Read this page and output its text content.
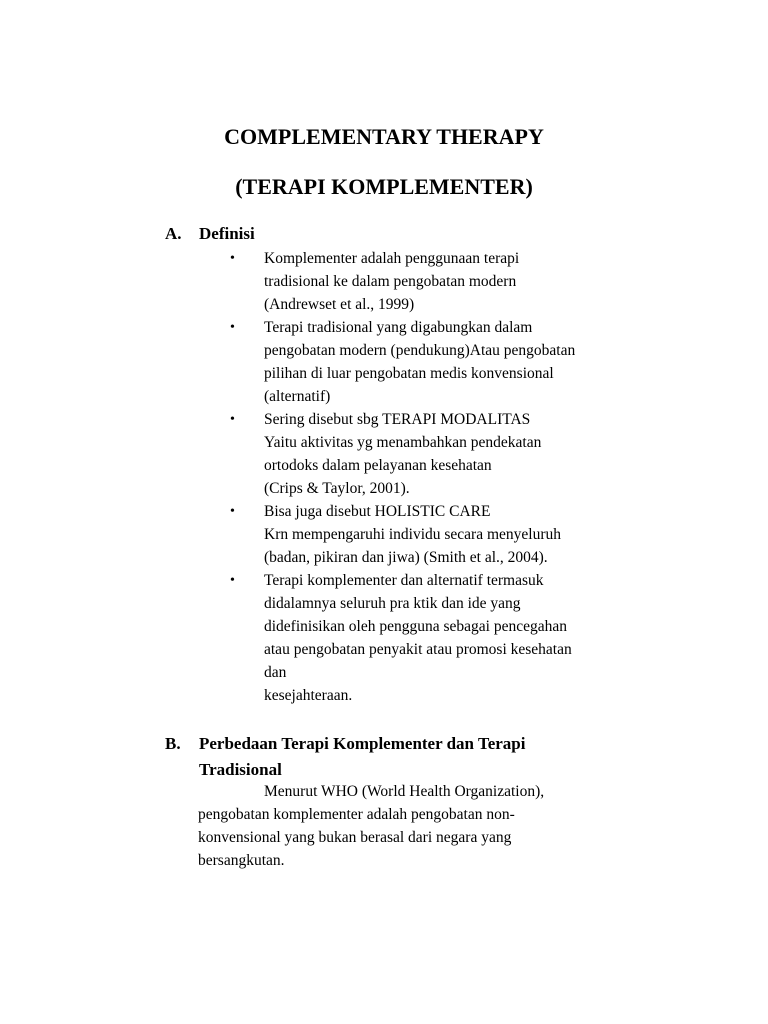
COMPLEMENTARY THERAPY
(TERAPI KOMPLEMENTER)
A. Definisi
•	Komplementer adalah penggunaan terapi
tradisional ke dalam pengobatan modern
(Andrewset et al., 1999)
•	Terapi tradisional yang digabungkan dalam
pengobatan modern (pendukung)Atau pengobatan
pilihan di luar pengobatan medis konvensional
(alternatif)
•	Sering disebut sbg TERAPI MODALITAS
Yaitu aktivitas yg menambahkan pendekatan
ortodoks dalam pelayanan kesehatan
(Crips & Taylor, 2001).
•	Bisa juga disebut HOLISTIC CARE
Krn mempengaruhi individu secara menyeluruh
(badan, pikiran dan jiwa) (Smith et al., 2004).
•	Terapi komplementer dan alternatif termasuk
didalamnya seluruh pra ktik dan ide yang
didefinisikan oleh pengguna sebagai pencegahan
atau pengobatan penyakit atau promosi kesehatan
dan
kesejahteraan.
B. Perbedaan Terapi Komplementer dan Terapi
Tradisional

Menurut WHO (World Health Organization),
pengobatan komplementer adalah pengobatan non-
konvensional yang bukan berasal dari negara yang
bersangkutan.
